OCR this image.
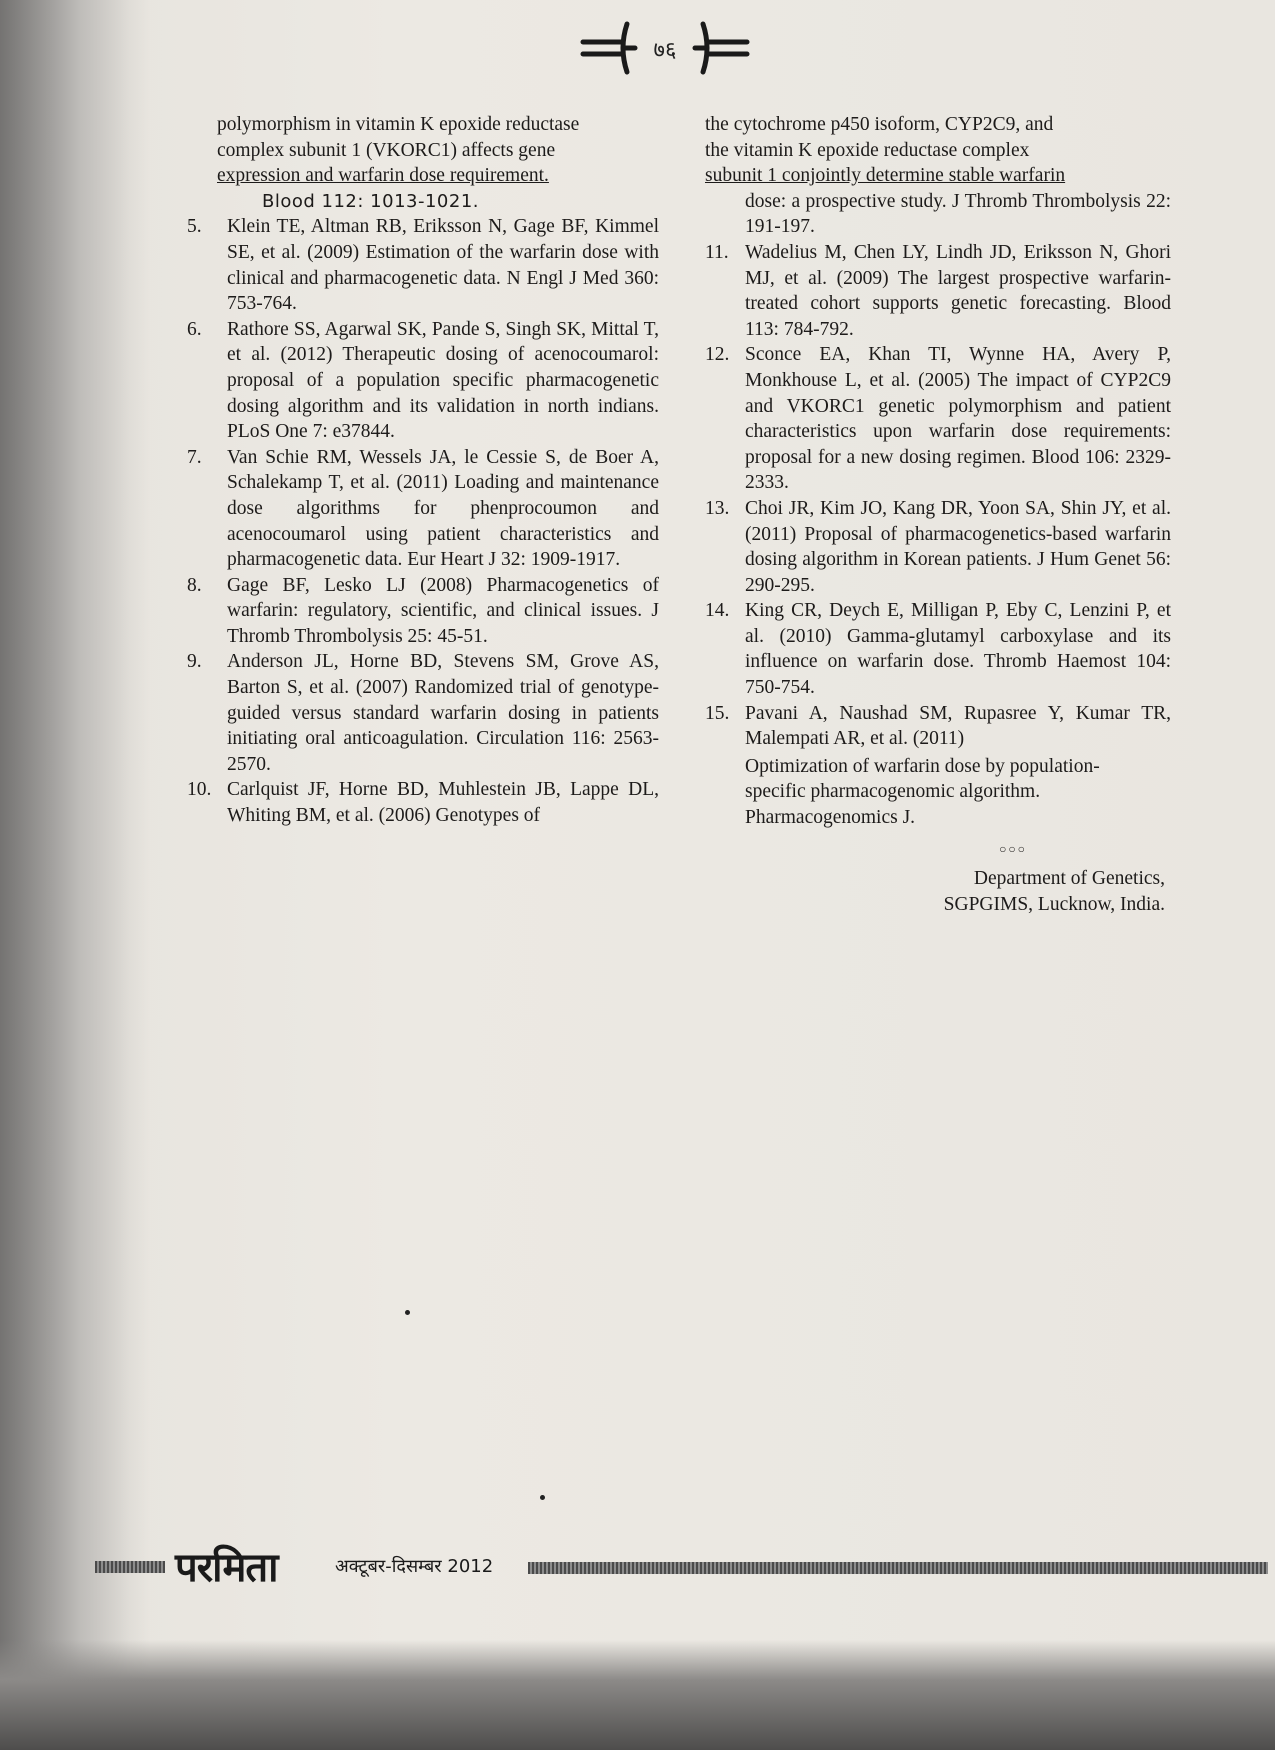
७६
polymorphism in vitamin K epoxide reductase
complex subunit 1 (VKORC1) affects gene
expression and warfarin dose requirement.
Blood 112: 1013-1021.
5.	Klein TE, Altman RB, Eriksson N, Gage BF, Kimmel SE, et al. (2009) Estimation of the warfarin dose with clinical and pharmacogenetic data. N Engl J Med 360: 753-764.
6.	Rathore SS, Agarwal SK, Pande S, Singh SK, Mittal T, et al. (2012) Therapeutic dosing of acenocoumarol: proposal of a population specific pharmacogenetic dosing algorithm and its validation in north indians. PLoS One 7: e37844.
7.	Van Schie RM, Wessels JA, le Cessie S, de Boer A, Schalekamp T, et al. (2011) Loading and maintenance dose algorithms for phenprocoumon and acenocoumarol using patient characteristics and pharmacogenetic data. Eur Heart J 32: 1909-1917.
8.	Gage BF, Lesko LJ (2008) Pharmacogenetics of warfarin: regulatory, scientific, and clinical issues. J Thromb Thrombolysis 25: 45-51.
9.	Anderson JL, Horne BD, Stevens SM, Grove AS, Barton S, et al. (2007) Randomized trial of genotype-guided versus standard warfarin dosing in patients initiating oral anticoagulation. Circulation 116: 2563-2570.
10. Carlquist JF, Horne BD, Muhlestein JB, Lappe DL, Whiting BM, et al. (2006) Genotypes of
the cytochrome p450 isoform, CYP2C9, and
the vitamin K epoxide reductase complex
subunit 1 conjointly determine stable warfarin
dose: a prospective study. J Thromb Thrombolysis 22: 191-197.
11. Wadelius M, Chen LY, Lindh JD, Eriksson N, Ghori MJ, et al. (2009) The largest prospective warfarin-treated cohort supports genetic forecasting. Blood 113: 784-792.
12. Sconce EA, Khan TI, Wynne HA, Avery P, Monkhouse L, et al. (2005) The impact of CYP2C9 and VKORC1 genetic polymorphism and patient characteristics upon warfarin dose requirements: proposal for a new dosing regimen. Blood 106: 2329-2333.
13. Choi JR, Kim JO, Kang DR, Yoon SA, Shin JY, et al. (2011) Proposal of pharmacogenetics-based warfarin dosing algorithm in Korean patients. J Hum Genet 56: 290-295.
14. King CR, Deych E, Milligan P, Eby C, Lenzini P, et al. (2010) Gamma-glutamyl carboxylase and its influence on warfarin dose. Thromb Haemost 104: 750-754.
15. Pavani A, Naushad SM, Rupasree Y, Kumar TR, Malempati AR, et al. (2011)
Optimization of warfarin dose by population-
specific pharmacogenomic algorithm.
Pharmacogenomics J.
○○○
Department of Genetics,
SGPGIMS, Lucknow, India.
परमिता	अक्टूबर-दिसम्बर 2012
